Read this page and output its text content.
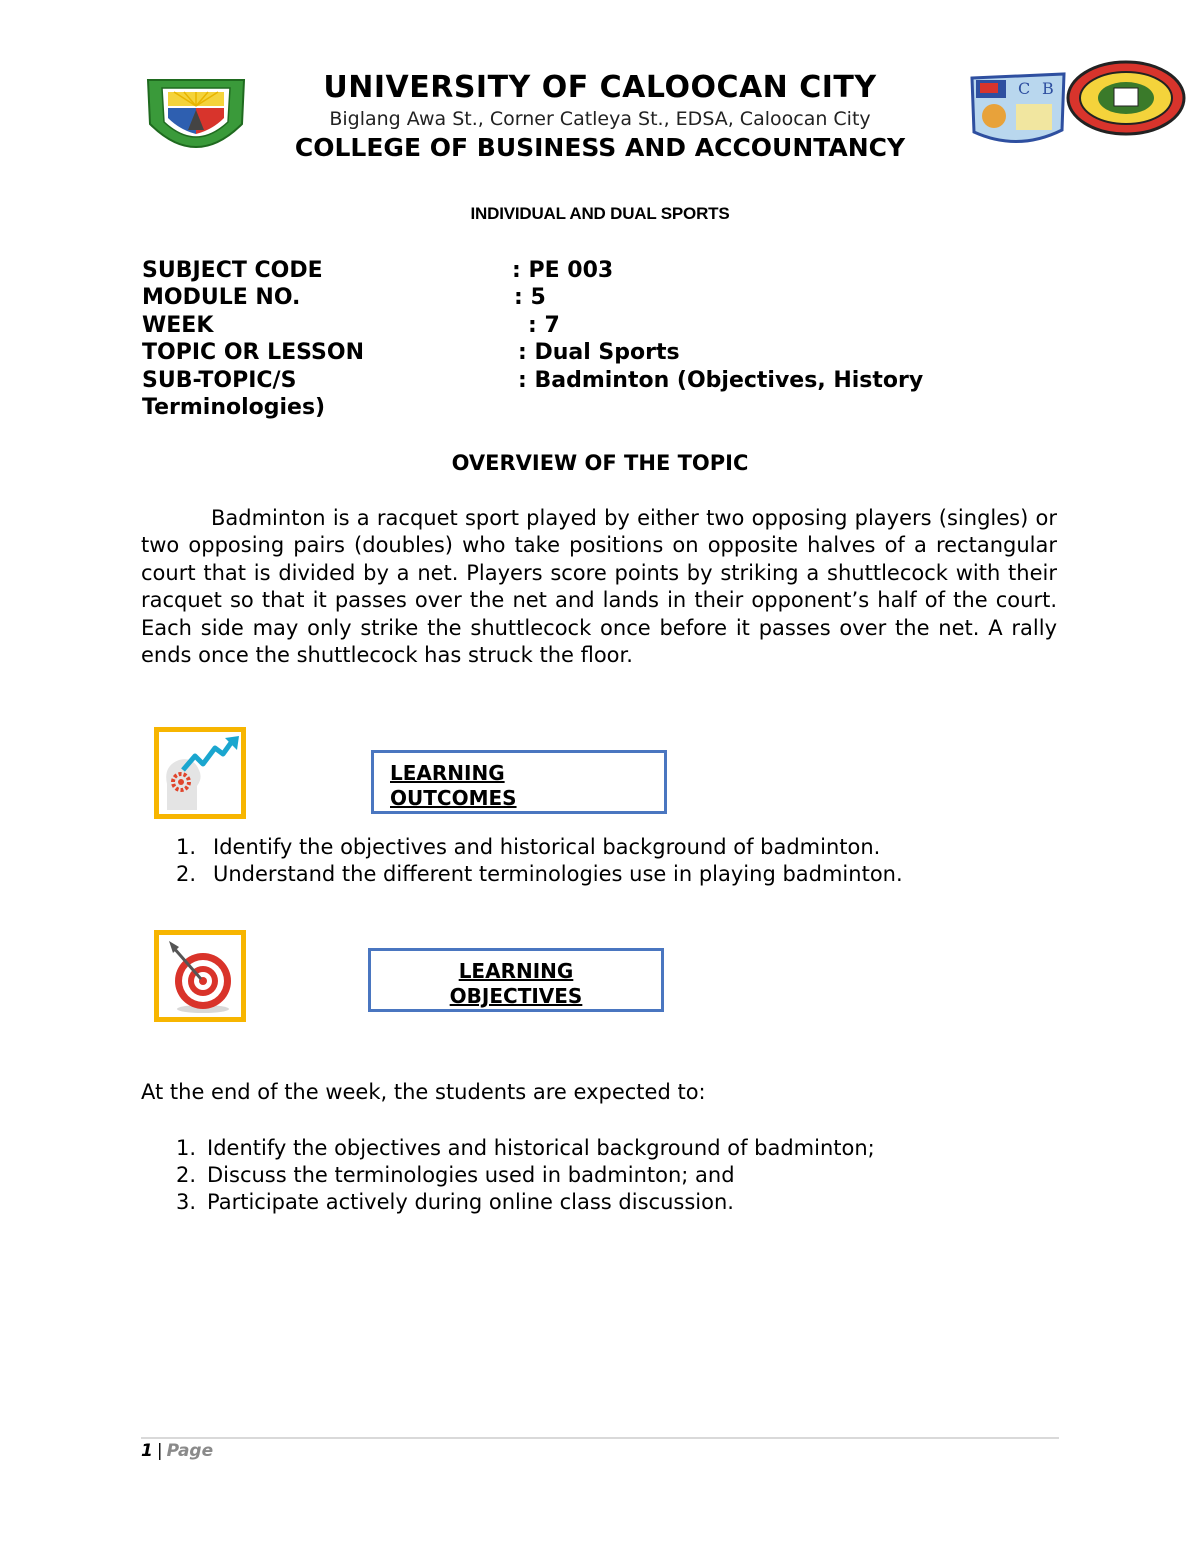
UNIVERSITY OF CALOOCAN CITY
Biglang Awa St., Corner Catleya St., EDSA, Caloocan City
COLLEGE OF BUSINESS AND ACCOUNTANCY
C B
INDIVIDUAL AND DUAL SPORTS
SUBJECT CODE	: PE 003
MODULE NO.	: 5
WEEK	: 7
TOPIC OR LESSON	: Dual Sports
SUB-TOPIC/S	: Badminton (Objectives, History
Terminologies)
OVERVIEW OF THE TOPIC
Badminton is a racquet sport played by either two opposing players (singles) or two opposing pairs (doubles) who take positions on opposite halves of a rectangular court that is divided by a net. Players score points by striking a shuttlecock with their racquet so that it passes over the net and lands in their opponent’s half of the court. Each side may only strike the shuttlecock once before it passes over the net. A rally ends once the shuttlecock has struck the floor.
LEARNING OUTCOMES
1. Identify the objectives and historical background of badminton.
2. Understand the different terminologies use in playing badminton.
LEARNING OBJECTIVES
At the end of the week, the students are expected to:
1. Identify the objectives and historical background of badminton;
2. Discuss the terminologies used in badminton; and
3. Participate actively during online class discussion.
1 | Page
